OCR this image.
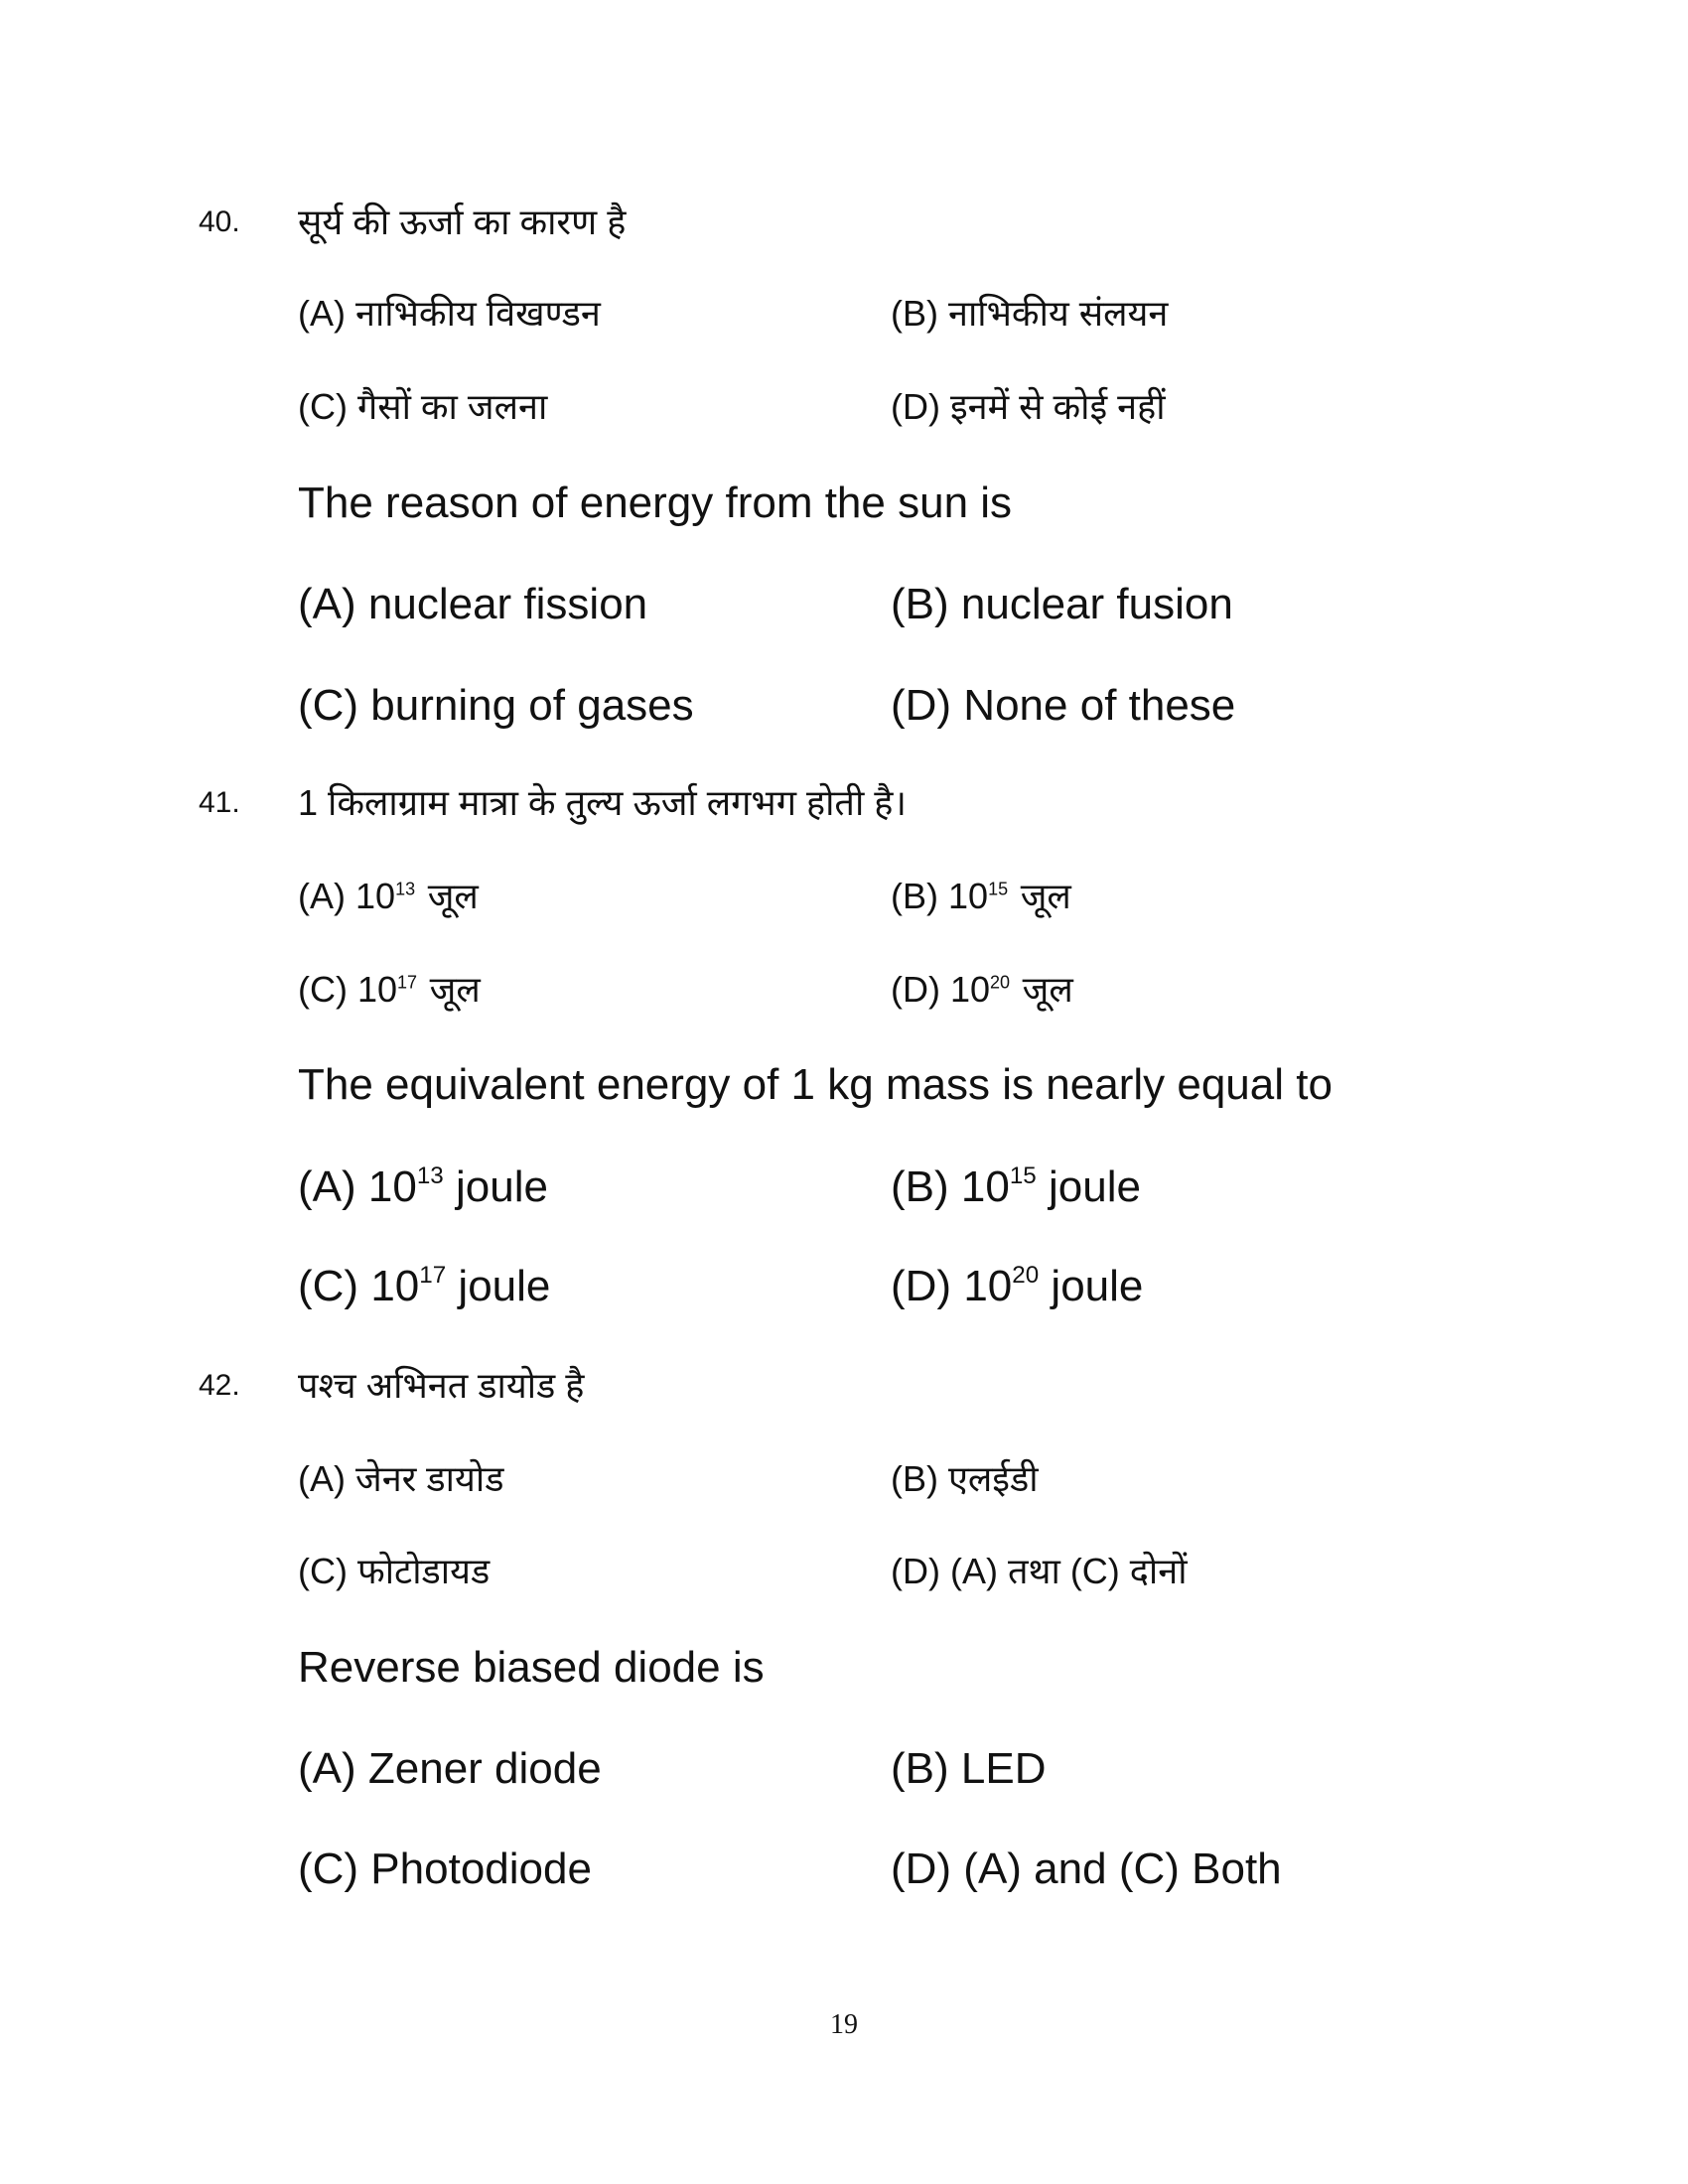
40. सूर्य की ऊर्जा का कारण है
(A) नाभिकीय विखण्डन	(B) नाभिकीय संलयन
(C) गैसों का जलना	(D) इनमें से कोई नहीं
The reason of energy from the sun is
(A) nuclear fission	(B) nuclear fusion
(C) burning of gases	(D) None of these
41. 1 किलाग्राम मात्रा के तुल्य ऊर्जा लगभग होती है।
(A) $10^{13}$ जूल	(B) $10^{15}$ जूल
(C) $10^{17}$ जूल	(D) $10^{20}$ जूल
The equivalent energy of 1 kg mass is nearly equal to
(A) $10^{13}$ joule	(B) $10^{15}$ joule
(C) $10^{17}$ joule	(D) $10^{20}$ joule
42. पश्च अभिनत डायोड है
(A) जेनर डायोड	(B) एलईडी
(C) फोटोडायड	(D) (A) तथा (C) दोनों
Reverse biased diode is
(A) Zener diode	(B) LED
(C) Photodiode	(D) (A) and (C) Both
19
